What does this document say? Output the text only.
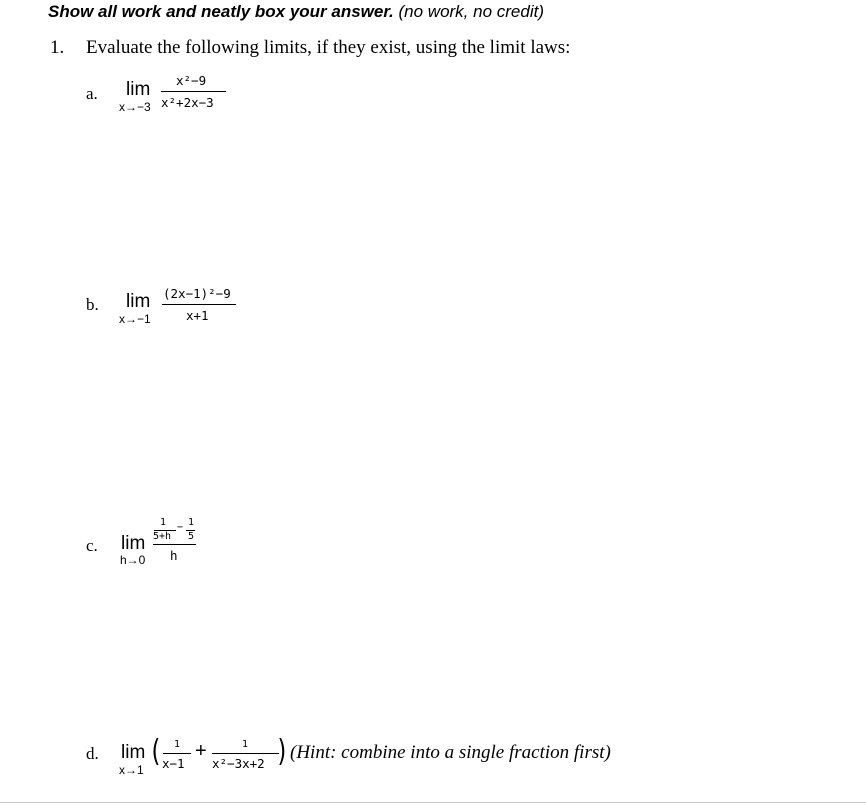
Show all work and neatly box your answer. (no work, no credit)
1. Evaluate the following limits, if they exist, using the limit laws:
a. lim
x→−3
x²−9
x²+2x−3
b. lim
x→−1
(2x−1)²−9
x+1
c. lim
h→0
1
5+h
− 1
5
h
d. lim
x→1
( 1
x−1
+	1
x²−3x+2 ) (Hint: combine into a single fraction first)
